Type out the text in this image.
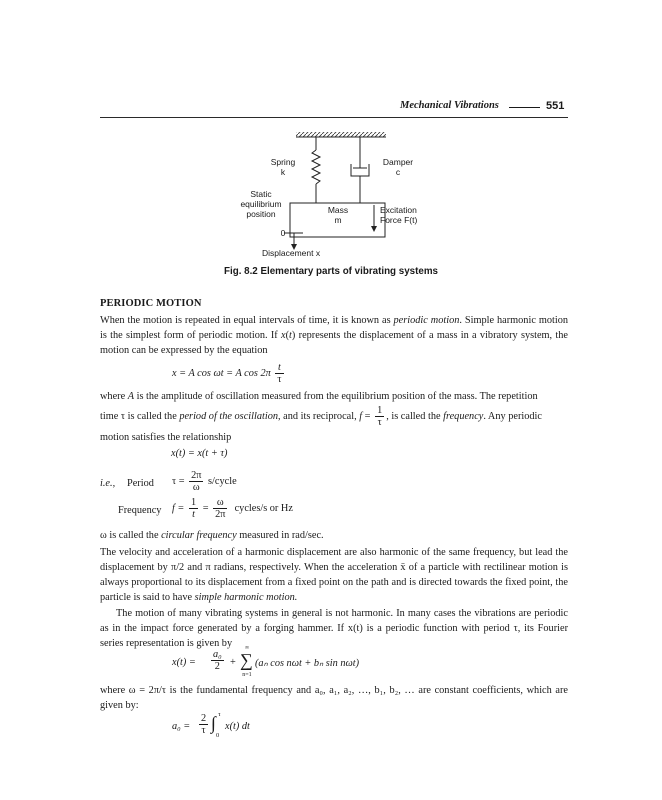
Mechanical Vibrations	551
Spring
k
Damper
c
Static
equilibrium
position	Mass
m
Excitation
Force F(t)
0
Displacement x
Fig. 8.2 Elementary parts of vibrating systems
PERIODIC MOTION
When the motion is repeated in equal intervals of time, it is known as periodic motion. Simple harmonic motion is the simplest form of periodic motion. If x(t) represents the displacement of a mass in a vibratory system, the motion can be expressed by the equation
x = A cos ωt = A $\cos 2\pi \frac{t}{\tau}$
where A is the amplitude of oscillation measured from the equilibrium position of the mass. The repetition
time τ is called the period of the oscillation, and its reciprocal, $f = \frac{1}{\tau}$ , is called the frequency. Any periodic
motion satisfies the relationship
x(t) = x(t + τ)
i.e., Period $\tau = \frac{2\pi}{\omega}$ s/cycle
Frequency $f = \frac{1}{t} = \frac{\omega}{2\pi}$ cycles/s or Hz
ω is called the circular frequency measured in rad/sec.
The velocity and acceleration of a harmonic displacement are also harmonic of the same frequency, but lead the displacement by π/2 and π radians, respectively. When the acceleration ẍ of a particle with rectilinear motion is always proportional to its displacement from a fixed point on the path and is directed towards the fixed point, the particle is said to have simple harmonic motion.
The motion of many vibrating systems in general is not harmonic. In many cases the vibrations are periodic as in the impact force generated by a forging hammer. If x(t) is a periodic function with period τ, its Fourier series representation is given by
$x(t) = \frac{\text{a₀}}{2}$ +
∞
∑
n=1
(aₙ cos nωt + bₙ sin nωt)
where ω = 2π/τ is the fundamental frequency and a₀, a₁, a₂, …, b₁, b₂, … are constant coefficients, which are given by:
$a_0 = \frac{2}{\tau}$ ∫ τ
0
x(t) dt
